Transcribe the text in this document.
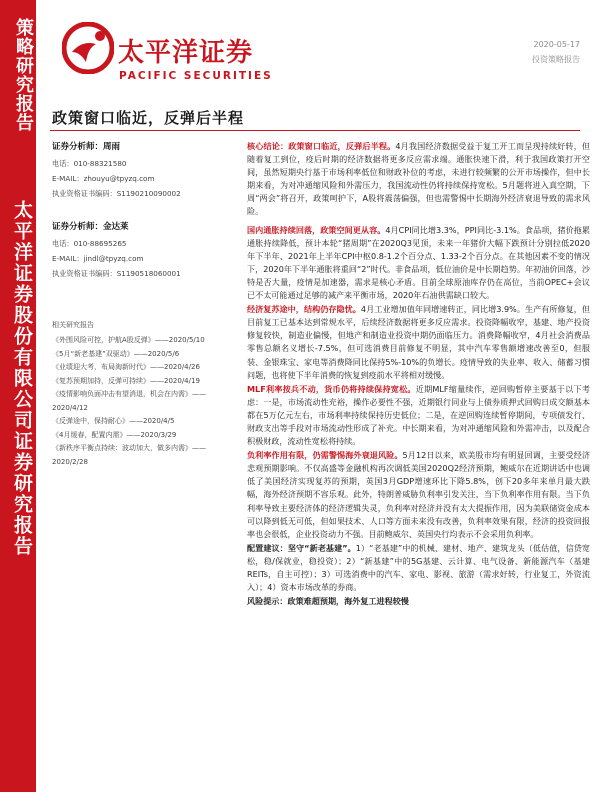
策略研究报告
太平洋证券股份有限公司证券研究报告
太平洋证券
PACIFIC SECURITIES
2020-05-17
投资策略报告
政策窗口临近，反弹后半程
证券分析师：周雨
电话：010-88321580
E-MAIL：zhouyu@tpyzq.com
执业资格证书编码：S1190210090002
证券分析师：金达莱
电话：010-88695265
E-MAIL：jindl@tpyzq.com
执业资格证书编码：S1190518060001
相关研究报告
《外围风险可控，护航A股反弹》——2020/5/10
《5月“新老基建”双驱动》——2020/5/6
《业绩迎大考，布局淘新时代》——2020/4/26
《复苏预期加持，反弹可持续》——2020/4/19
《疫情影响负面冲击有望消退，机会在内需》——
2020/4/12
《反弹途中，保持耐心》——2020/4/5
《4月缓春，配置内需》——2020/3/29
《新秩序平衡点持续：波动加大，做多内需》——
2020/2/28

核心结论：政策窗口临近，反弹后半程。4月我国经济数据受益于复工开工而呈现持续好转，但随着复工到位，疫后时期的经济数据将更多反应需求端。通胀快速下滑，利于我国政策打开空间，虽然短期央行基于市场利率低位和财政补位的考虑，未进行较频繁的公开市场操作，但中长期来看，为对冲通缩风险和外需压力，我国流动性仍将持续保持宽松。5月题将进入真空期，下周“两会”将召开，政策呵护下，A股将震荡偏强，但也需警惕中长期海外经济衰退导致的需求风险。

国内通胀持续回落，政策空间更从容。4月CPI同比增3.3%，PPI同比-3.1%。食品项，猪价拖累通胀持续降低，预计本轮“猪周期”在2020Q3见顶，未来一年猪价大幅下跌预计分别拉低2020年下半年、2021年上半年CPI中枢0.8-1.2个百分点、1.33-2个百分点。在其他因素不变的情况下，2020年下半年通胀将重回“2”时代。非食品项，低位油价是中长期趋势。年初油价回落，沙特是否大量，疫情是加速器，需求是核心矛盾。目前全球原油库存仍在高位，当前OPEC+会议已不太可能通过足够的减产来平衡市场，2020年石油供需缺口较大。

经济复苏途中，结构仍存隐忧。4月工业增加值年同增速转正，同比增3.9%。生产有所修复，但目前复工已基本达到常规水平，后续经济数据将更多反应需求。投资降幅收窄，基建、地产投资修复较快，制造业偏慢，但地产和制造业投资中期仍面临压力。消费降幅收窄，4月社会消费品零售总额名义增长-7.5%，但可选消费目前修复不明显，其中汽车零售额增速改善至0，但服装、金银珠宝、家电等消费降同比保持5%-10%的负增长。疫情导致的失业率、收入、储蓄习惯问题，也将使下半年消费的恢复到疫前水平将相对缓慢。

MLF利率按兵不动，货币仍将持续保持宽松。近期MLF缩量续作，逆回购暂停主要基于以下考虑：一是，市场流动性充裕，操作必要性不强，近期银行同业与上债券质押式回购日成交额基本都在5万亿元左右，市场利率持续保持历史低位；二是，在逆回购连续暂停期间，专项债发行、财政支出等手段对市场流动性形成了补充。中长期来看，为对冲通缩风险和外需冲击，以及配合积极财政，流动性宽松将持续。

负利率作用有限，仍需警惕海外衰退风险。5月12日以来，欧美股市均有明显回调，主要受经济悲观预期影响。不仅高盛等金融机构再次调低美国2020Q2经济预期，鲍威尔在近期讲话中也调低了美国经济实现复苏的预期，英国3月GDP增速环比下降5.8%，创下20多年来单月最大跌幅，海外经济预期不容乐观。此外，特朗普威胁负利率引发关注，当下负利率作用有限。当下负利率导致主要经济体的经济逻辑失灵，负利率对经济并没有太大提振作用，因为美联储资金成本可以降到低无可低，但如果技术、人口等方面未来没有改善，负利率效果有限，经济的投资回报率也会很低，企业投资动力不强。目前鲍威尔、英国央行均表示不会采用负利率。

配置建议：坚守“新老基建”。1）“老基建”中的机械、建材、地产、建筑龙头（低估值，信贷宽松，稳/保就业，稳投资）；2）“新基建”中的5G基建、云计算、电气设备、新能源汽车（基建REITs，自主可控）；3）可选消费中的汽车、家电、影视、旅游（需求好转，行业复工，外资流入）；4）资本市场改革的券商。

风险提示：政策难超预期，海外复工进程较慢
